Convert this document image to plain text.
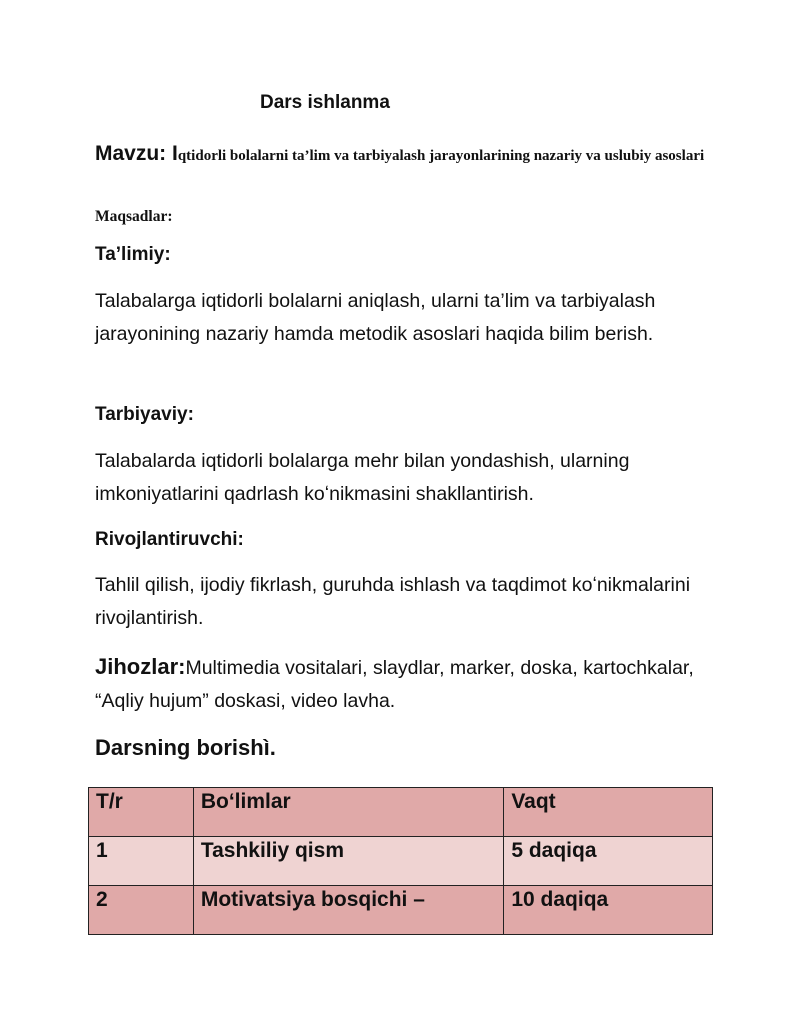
Dars ishlanma
Mavzu: Iqtidorli bolalarni ta’lim va tarbiyalash jarayonlarining nazariy va uslubiy asoslari
Maqsadlar:
Ta’limiy:
Talabalarga iqtidorli bolalarni aniqlash, ularni ta’lim va tarbiyalash jarayonining nazariy hamda metodik asoslari haqida bilim berish.
Tarbiyaviy:
Talabalarda iqtidorli bolalarga mehr bilan yondashish, ularning imkoniyatlarini qadrlash koʻnikmasini shakllantirish.
Rivojlantiruvchi:
Tahlil qilish, ijodiy fikrlash, guruhda ishlash va taqdimot koʻnikmalarini rivojlantirish.
Jihozlar:Multimedia vositalari, slaydlar, marker, doska, kartochkalar, “Aqliy hujum” doskasi, video lavha.
Darsning borishì.
T/r	Boʻlimlar	Vaqt
1	Tashkiliy qism	5 daqiqa
2	Motivatsiya bosqichi –	10 daqiqa
